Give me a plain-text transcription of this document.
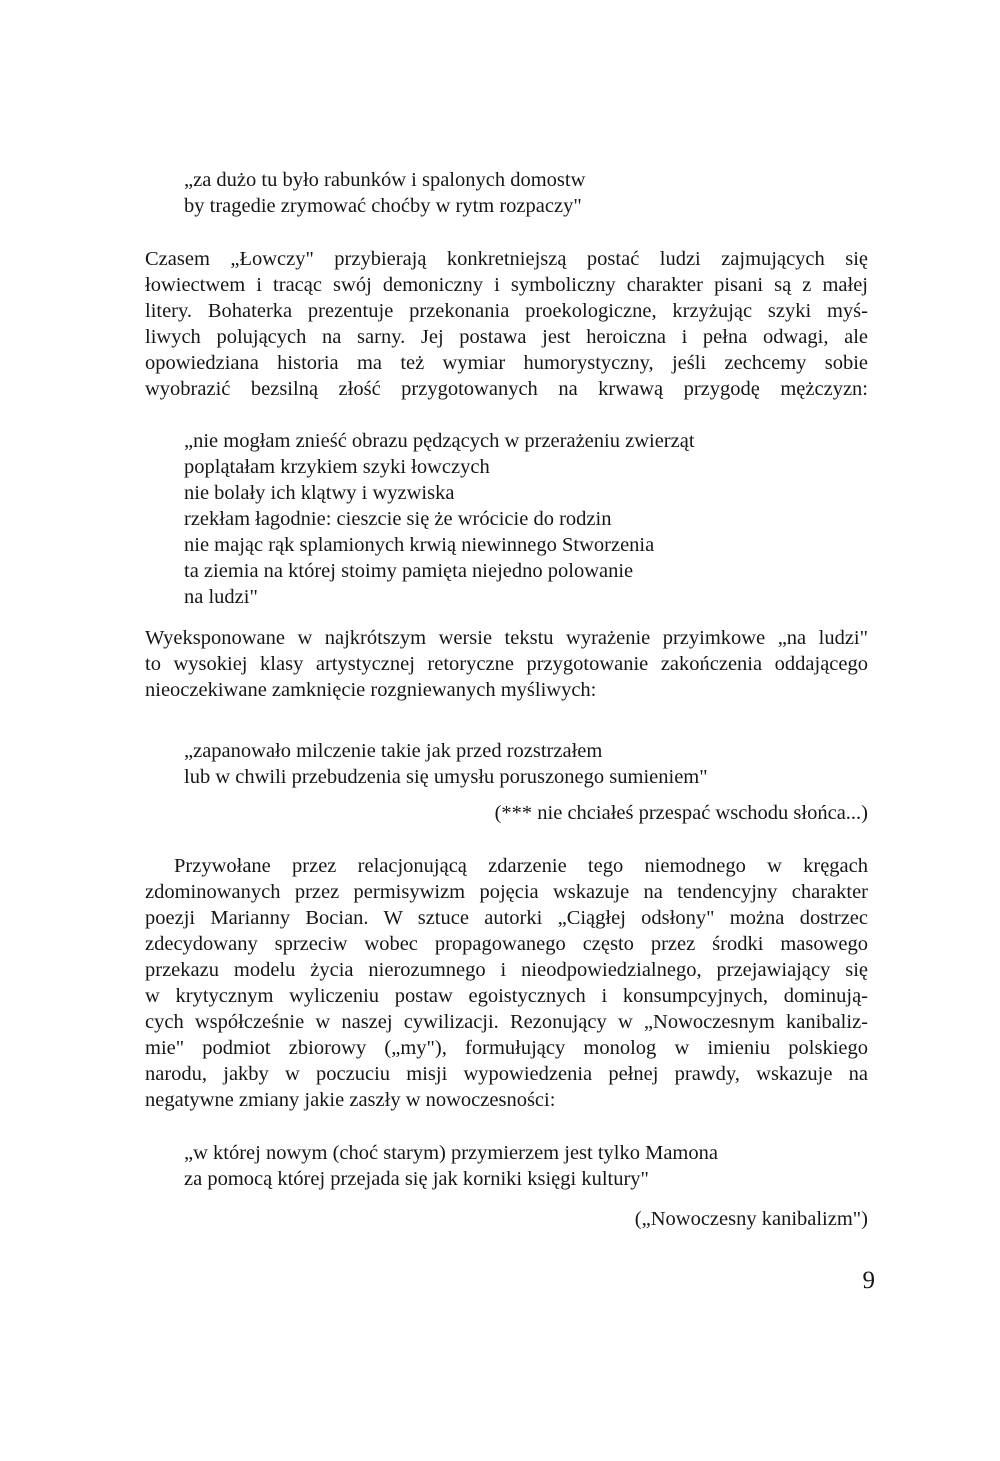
„za dużo tu było rabunków i spalonych domostw
by tragedie zrymować choćby w rytm rozpaczy"
Czasem „Łowczy" przybierają konkretniejszą postać ludzi zajmujących się
łowiectwem i tracąc swój demoniczny i symboliczny charakter pisani są z małej
litery. Bohaterka prezentuje przekonania proekologiczne, krzyżując szyki myś-
liwych polujących na sarny. Jej postawa jest heroiczna i pełna odwagi, ale
opowiedziana historia ma też wymiar humorystyczny, jeśli zechcemy sobie
wyobrazić bezsilną złość przygotowanych na krwawą przygodę mężczyzn:
„nie mogłam znieść obrazu pędzących w przerażeniu zwierząt
poplątałam krzykiem szyki łowczych
nie bolały ich klątwy i wyzwiska
rzekłam łagodnie: cieszcie się że wrócicie do rodzin
nie mając rąk splamionych krwią niewinnego Stworzenia
ta ziemia na której stoimy pamięta niejedno polowanie
na ludzi"
Wyeksponowane w najkrótszym wersie tekstu wyrażenie przyimkowe „na ludzi"
to wysokiej klasy artystycznej retoryczne przygotowanie zakończenia oddającego
nieoczekiwane zamknięcie rozgniewanych myśliwych:
„zapanowało milczenie takie jak przed rozstrzałem
lub w chwili przebudzenia się umysłu poruszonego sumieniem"
(*** nie chciałeś przespać wschodu słońca...)
Przywołane przez relacjonującą zdarzenie tego niemodnego w kręgach
zdominowanych przez permisywizm pojęcia wskazuje na tendencyjny charakter
poezji Marianny Bocian. W sztuce autorki „Ciągłej odsłony" można dostrzec
zdecydowany sprzeciw wobec propagowanego często przez środki masowego
przekazu modelu życia nierozumnego i nieodpowiedzialnego, przejawiający się
w krytycznym wyliczeniu postaw egoistycznych i konsumpcyjnych, dominują-
cych współcześnie w naszej cywilizacji. Rezonujący w „Nowoczesnym kanibaliz-
mie" podmiot zbiorowy („my"), formułujący monolog w imieniu polskiego
narodu, jakby w poczuciu misji wypowiedzenia pełnej prawdy, wskazuje na
negatywne zmiany jakie zaszły w nowoczesności:
„w której nowym (choć starym) przymierzem jest tylko Mamona
za pomocą której przejada się jak korniki księgi kultury"
(„Nowoczesny kanibalizm")
9
